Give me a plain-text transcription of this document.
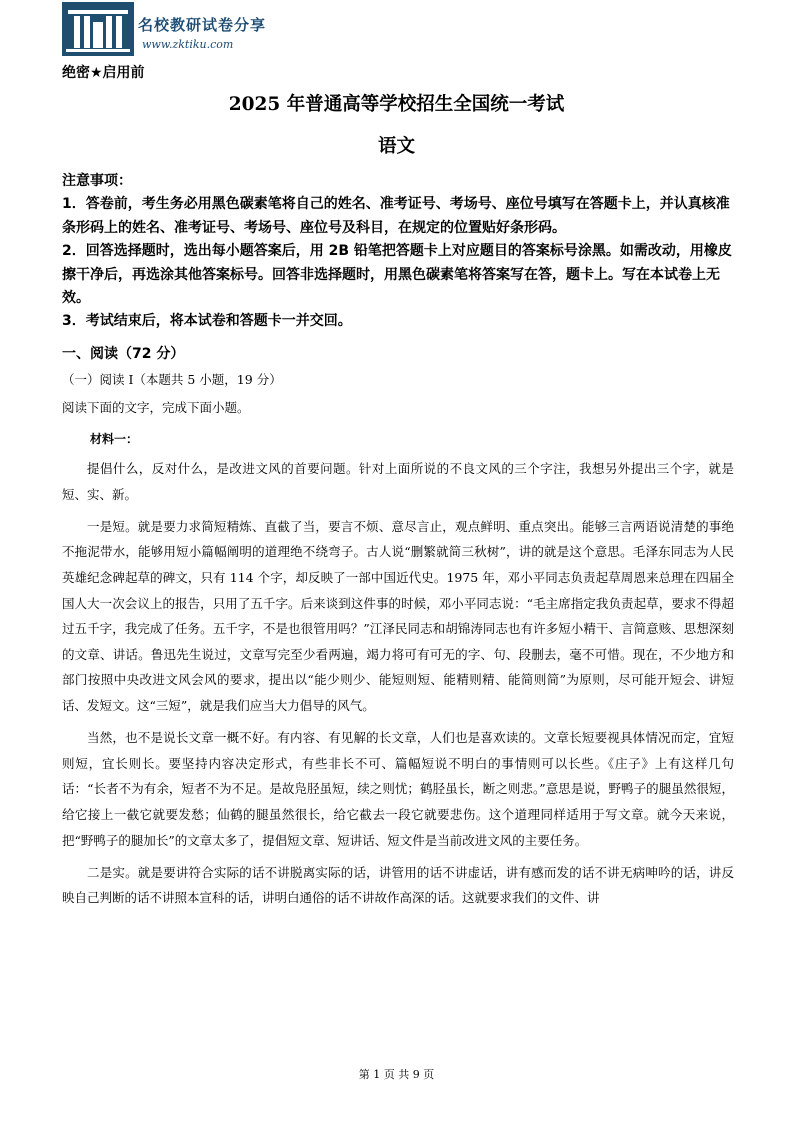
名校教研试卷分享
www.zktiku.com
绝密★启用前
2025 年普通高等学校招生全国统一考试
语文

注意事项：

1．答卷前，考生务必用黑色碳素笔将自己的姓名、准考证号、考场号、座位号填写在答题卡上，并认真核准条形码上的姓名、准考证号、考场号、座位号及科目，在规定的位置贴好条形码。

2．回答选择题时，选出每小题答案后，用 2B 铅笔把答题卡上对应题目的答案标号涂黑。如需改动，用橡皮擦干净后，再选涂其他答案标号。回答非选择题时，用黑色碳素笔将答案写在答，题卡上。写在本试卷上无效。

3．考试结束后，将本试卷和答题卡一并交回。

一、阅读（72 分）
（一）阅读 I（本题共 5 小题，19 分）
阅读下面的文字，完成下面小题。
材料一：

提倡什么，反对什么，是改进文风的首要问题。针对上面所说的不良文风的三个字注，我想另外提出三个字，就是短、实、新。

一是短。就是要力求简短精炼、直截了当，要言不烦、意尽言止，观点鲜明、重点突出。能够三言两语说清楚的事绝不拖泥带水，能够用短小篇幅阐明的道理绝不绕弯子。古人说“删繁就简三秋树”，讲的就是这个意思。毛泽东同志为人民英雄纪念碑起草的碑文，只有 114 个字，却反映了一部中国近代史。1975 年，邓小平同志负责起草周恩来总理在四届全国人大一次会议上的报告，只用了五千字。后来谈到这件事的时候，邓小平同志说：“毛主席指定我负责起草，要求不得超过五千字，我完成了任务。五千字，不是也很管用吗？”江泽民同志和胡锦涛同志也有许多短小精干、言简意赅、思想深刻的文章、讲话。鲁迅先生说过，文章写完至少看两遍，竭力将可有可无的字、句、段删去，毫不可惜。现在，不少地方和部门按照中央改进文风会风的要求，提出以“能少则少、能短则短、能精则精、能简则简”为原则，尽可能开短会、讲短话、发短文。这“三短”，就是我们应当大力倡导的风气。

当然，也不是说长文章一概不好。有内容、有见解的长文章，人们也是喜欢读的。文章长短要视具体情况而定，宜短则短，宜长则长。要坚持内容决定形式，有些非长不可、篇幅短说不明白的事情则可以长些。《庄子》上有这样几句话：“长者不为有余，短者不为不足。是故凫胫虽短，续之则忧；鹤胫虽长，断之则悲。”意思是说，野鸭子的腿虽然很短，给它接上一截它就要发愁；仙鹤的腿虽然很长，给它截去一段它就要悲伤。这个道理同样适用于写文章。就今天来说，把“野鸭子的腿加长”的文章太多了，提倡短文章、短讲话、短文件是当前改进文风的主要任务。

二是实。就是要讲符合实际的话不讲脱离实际的话，讲管用的话不讲虚话，讲有感而发的话不讲无病呻吟的话，讲反映自己判断的话不讲照本宣科的话，讲明白通俗的话不讲故作高深的话。这就要求我们的文件、讲

第 1 页 共 9 页
